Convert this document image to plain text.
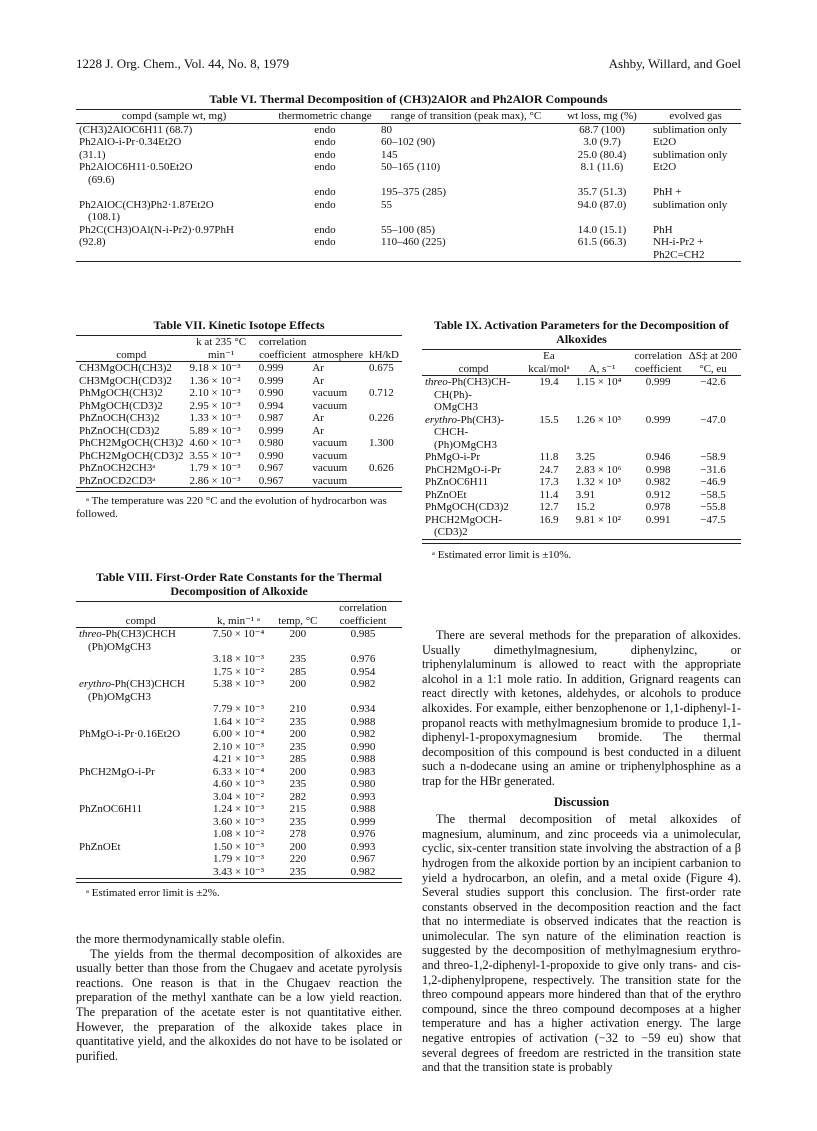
1228 J. Org. Chem., Vol. 44, No. 8, 1979	Ashby, Willard, and Goel
Table VI. Thermal Decomposition of (CH3)2AlOR and Ph2AlOR Compounds
compd (sample wt, mg)	thermometric change	range of transition (peak max), °C	wt loss, mg (%)	evolved gas
(CH3)2AlOC6H11 (68.7)	endo	80	68.7 (100)	sublimation only
Ph2AlO-i-Pr·0.34Et2O	endo	60–102 (90)	3.0 (9.7)	Et2O
(31.1)	endo	145	25.0 (80.4)	sublimation only
Ph2AlOC6H11·0.50Et2O	endo	50–165 (110)	8.1 (11.6)	Et2O
(69.6)				
	endo	195–375 (285)	35.7 (51.3)	PhH +
Ph2AlOC(CH3)Ph2·1.87Et2O	endo	55	94.0 (87.0)	sublimation only
(108.1)				
Ph2C(CH3)OAl(N-i-Pr2)·0.97PhH	endo	55–100 (85)	14.0 (15.1)	PhH
(92.8)	endo	110–460 (225)	61.5 (66.3)	NH-i-Pr2 +
				Ph2C=CH2
Table VII. Kinetic Isotope Effects
compd	k at 235 °C min⁻¹	correlation coefficient	atmosphere	kH/kD
CH3MgOCH(CH3)2	9.18 × 10⁻³	0.999	Ar	0.675
CH3MgOCH(CD3)2	1.36 × 10⁻²	0.999	Ar	
PhMgOCH(CH3)2	2.10 × 10⁻³	0.990	vacuum	0.712
PhMgOCH(CD3)2	2.95 × 10⁻³	0.994	vacuum	
PhZnOCH(CH3)2	1.33 × 10⁻³	0.987	Ar	0.226
PhZnOCH(CD3)2	5.89 × 10⁻³	0.999	Ar	
PhCH2MgOCH(CH3)2	4.60 × 10⁻³	0.980	vacuum	1.300
PhCH2MgOCH(CD3)2	3.55 × 10⁻³	0.990	vacuum	
PhZnOCH2CH3ᵃ	1.79 × 10⁻³	0.967	vacuum	0.626
PhZnOCD2CD3ᵃ	2.86 × 10⁻³	0.967	vacuum	
ᵃ The temperature was 220 °C and the evolution of hydrocarbon was followed.
Table VIII. First-Order Rate Constants for the Thermal Decomposition of Alkoxide
compd	k, min⁻¹ ᵃ	temp, °C	correlation coefficient
threo-Ph(CH3)CHCH	7.50 × 10⁻⁴	200	0.985
(Ph)OMgCH3			
	3.18 × 10⁻³	235	0.976
	1.75 × 10⁻²	285	0.954
erythro-Ph(CH3)CHCH	5.38 × 10⁻³	200	0.982
(Ph)OMgCH3			
	7.79 × 10⁻³	210	0.934
	1.64 × 10⁻²	235	0.988
PhMgO-i-Pr·0.16Et2O	6.00 × 10⁻⁴	200	0.982
	2.10 × 10⁻³	235	0.990
	4.21 × 10⁻³	285	0.988
PhCH2MgO-i-Pr	6.33 × 10⁻⁴	200	0.983
	4.60 × 10⁻³	235	0.980
	3.04 × 10⁻²	282	0.993
PhZnOC6H11	1.24 × 10⁻³	215	0.988
	3.60 × 10⁻³	235	0.999
	1.08 × 10⁻²	278	0.976
PhZnOEt	1.50 × 10⁻³	200	0.993
	1.79 × 10⁻³	220	0.967
	3.43 × 10⁻³	235	0.982
ᵃ Estimated error limit is ±2%.
Table IX. Activation Parameters for the Decomposition of Alkoxides
compd	Ea kcal/molᵃ	A, s⁻¹	correlation coefficient	ΔS‡ at 200 °C, eu
threo-Ph(CH3)CH-	19.4	1.15 × 10⁴	0.999	−42.6
CH(Ph)-				
OMgCH3				
erythro-Ph(CH3)-	15.5	1.26 × 10³	0.999	−47.0
CHCH-				
(Ph)OMgCH3				
PhMgO-i-Pr	11.8	3.25	0.946	−58.9
PhCH2MgO-i-Pr	24.7	2.83 × 10⁶	0.998	−31.6
PhZnOC6H11	17.3	1.32 × 10³	0.982	−46.9
PhZnOEt	11.4	3.91	0.912	−58.5
PhMgOCH(CD3)2	12.7	15.2	0.978	−55.8
PHCH2MgOCH-	16.9	9.81 × 10²	0.991	−47.5
(CD3)2				
ᵃ Estimated error limit is ±10%.

the more thermodynamically stable olefin.

The yields from the thermal decomposition of alkoxides are usually better than those from the Chugaev and acetate pyrolysis reactions. One reason is that in the Chugaev reaction the preparation of the methyl xanthate can be a low yield reaction. The preparation of the acetate ester is not quantitative either. However, the preparation of the alkoxide takes place in quantitative yield, and the alkoxides do not have to be isolated or purified.

There are several methods for the preparation of alkoxides. Usually dimethylmagnesium, diphenylzinc, or triphenylaluminum is allowed to react with the appropriate alcohol in a 1:1 mole ratio. In addition, Grignard reagents can react directly with ketones, aldehydes, or alcohols to produce alkoxides. For example, either benzophenone or 1,1-diphenyl-1-propanol reacts with methylmagnesium bromide to produce 1,1-diphenyl-1-propoxymagnesium bromide. The thermal decomposition of this compound is best conducted in a diluent such a n-dodecane using an amine or triphenylphosphine as a trap for the HBr generated.

Discussion

The thermal decomposition of metal alkoxides of magnesium, aluminum, and zinc proceeds via a unimolecular, cyclic, six-center transition state involving the abstraction of a β hydrogen from the alkoxide portion by an incipient carbanion to yield a hydrocarbon, an olefin, and a metal oxide (Figure 4). Several studies support this conclusion. The first-order rate constants observed in the decomposition reaction and the fact that no intermediate is observed indicates that the reaction is unimolecular. The syn nature of the elimination reaction is suggested by the decomposition of methylmagnesium erythro- and threo-1,2-diphenyl-1-propoxide to give only trans- and cis-1,2-diphenylpropene, respectively. The transition state for the threo compound appears more hindered than that of the erythro compound, since the threo compound decomposes at a higher temperature and has a higher activation energy. The large negative entropies of activation (−32 to −59 eu) show that several degrees of freedom are restricted in the transition state and that the transition state is probably
